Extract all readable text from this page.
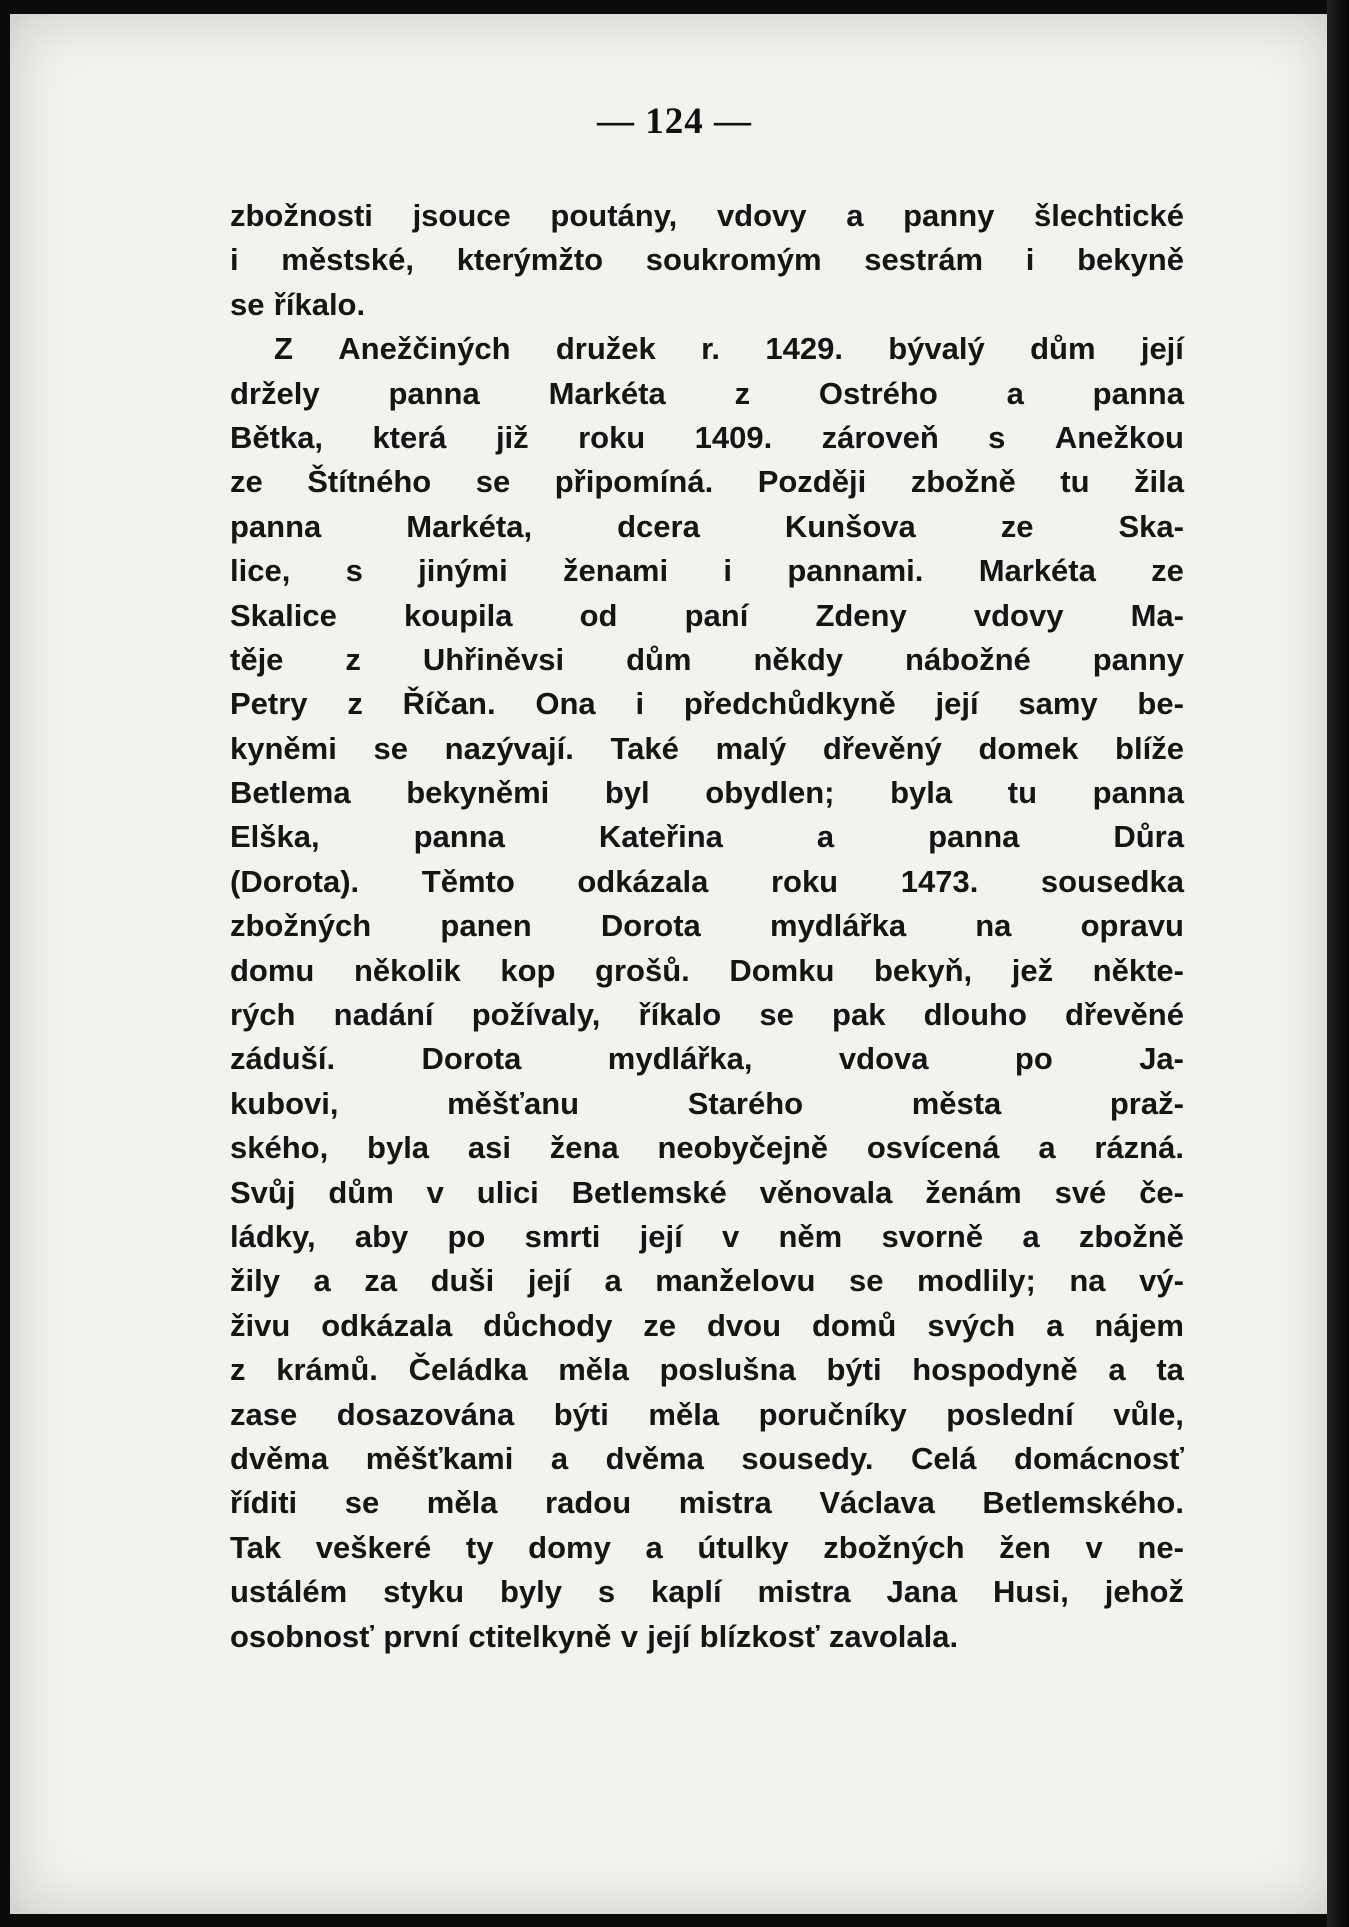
— 124 —
zbožnosti jsouce poutány, vdovy a panny šlechtické
i městské, kterýmžto soukromým sestrám i bekyně
se říkalo.
Z Anežčiných družek r. 1429. bývalý dům její
držely panna Markéta z Ostrého a panna
Bětka, která již roku 1409. zároveň s Anežkou
ze Štítného se připomíná. Později zbožně tu žila
panna	Markéta,	dcera	Kunšova	ze	Ska-
lice, s jinými ženami i pannami. Markéta ze
Skalice koupila od paní Zdeny vdovy Ma-
těje z Uhřiněvsi dům někdy nábožné panny
Petry z Říčan. Ona i předchůdkyně její samy be-
kyněmi se nazývají. Také malý dřevěný domek blíže
Betlema bekyněmi byl obydlen; byla tu panna
Elška,	panna	Kateřina	a	panna	Důra
(Dorota). Těmto odkázala roku 1473. sousedka
zbožných panen Dorota mydlářka na opravu
domu několik kop grošů. Domku bekyň, jež někte-
rých nadání požívaly, říkalo se pak dlouho dřevěné
záduší.	Dorota	mydlářka,	vdova	po	Ja-
kubovi,	měšťanu	Starého	města	praž-
ského, byla asi žena neobyčejně osvícená a rázná.
Svůj dům v ulici Betlemské věnovala ženám své če-
ládky, aby po smrti její v něm svorně a zbožně
žily a za duši její a manželovu se modlily; na vý-
živu odkázala důchody ze dvou domů svých a nájem
z krámů. Čeládka měla poslušna býti hospodyně a ta
zase dosazována býti měla poručníky poslední vůle,
dvěma měšťkami a dvěma sousedy. Celá domácnosť
říditi se měla radou mistra Václava Betlemského.
Tak veškeré ty domy a útulky zbožných žen v ne-
ustálém styku byly s kaplí mistra Jana Husi, jehož
osobnosť první ctitelkyně v její blízkosť zavolala.
